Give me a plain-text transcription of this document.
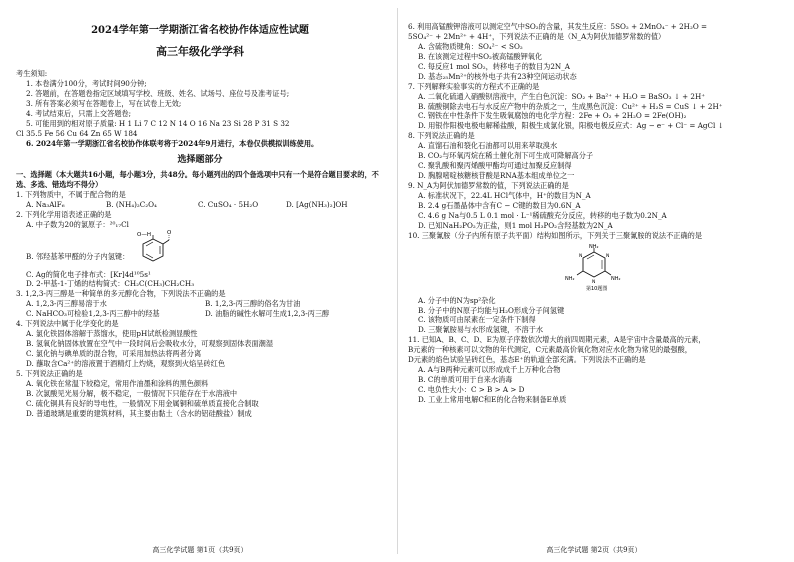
2024学年第一学期浙江省名校协作体适应性试题
高三年级化学学科
考生须知:
1. 本卷满分100分，考试时间90分钟;
2. 答题前，在答题卷指定区域填写学校、班级、姓名、试场号、座位号及准考证号;
3. 所有答案必须写在答题卷上，写在试卷上无效;
4. 考试结束后，只需上交答题卷;
5. 可能用到的相对原子质量: H 1 Li 7 C 12 N 14 O 16 Na 23 Si 28 P 31 S 32
Cl 35.5 Fe 56 Cu 64 Zn 65 W 184
6. 2024年第一学期浙江省名校协作体联考将于2024年9月进行，本卷仅供模拟训练使用。
选择题部分
一、选择题（本大题共16小题，每小题3分，共48分。每小题列出的四个备选项中只有一个是符合题目要求的，不选、多选、错选均不得分）
1. 下列物质中，不属于配合物的是
A. Na₃AlF₆	B. (NH₄)₂C₂O₄	C. CuSO₄ · 5H₂O	D. [Ag(NH₃)₂]OH
2. 下列化学用语表述正确的是
A. 中子数为20的氯原子：²⁰₁₇Cl
B. 邻羟基苯甲醛的分子内氢键：
O—H	O
C. Ag的简化电子排布式：[Kr]4d¹⁰5s¹
D. 2-甲基-1-丁烯的结构简式：CH₂C(CH₃)CH₂CH₃
3. 1,2,3-丙三醇是一种简单的多元醇化合物，下列说法不正确的是
A. 1,2,3-丙三醇易溶于水	B. 1,2,3-丙三醇的俗名为甘油
C. NaHCO₃可检验1,2,3-丙三醇中的羟基	D. 油脂的碱性水解可生成1,2,3-丙三醇
4. 下列说法中属于化学变化的是
A. 氯化铁固体溶解于蒸馏水，使用pH试纸检测显酸性
B. 氢氧化钠固体放置在空气中一段时间后会吸收水分，可观察到固体表面潮湿
C. 氯化钠与碘单质的混合物，可采用加热法将两者分离
D. 蘸取含Ca²⁺的溶液置于酒精灯上灼烧，观察到火焰呈砖红色
5. 下列说法正确的是
A. 氧化铁在常温下较稳定，常用作油墨和涂料的黑色颜料
B. 次氯酸见光易分解，极不稳定，一般情况下只能存在于水溶液中
C. 硫化铜具有良好的导电性，一般情况下用金属铜和硫单质直接化合制取
D. 普通玻璃是重要的建筑材料，其主要由黏土（含水的铝硅酸盐）制成
高三化学试题 第1页（共9页）
6. 利用高锰酸钾溶液可以测定空气中SO₂的含量，其发生反应：5SO₂ + 2MnO₄⁻ + 2H₂O =
5SO₄²⁻ + 2Mn²⁺ + 4H⁺，下列说法不正确的是（N_A为阿伏加德罗常数的值）
A. 含硫物质键角：SO₄²⁻ < SO₂
B. 在该测定过程中SO₂被高锰酸钾氧化
C. 每反应1 mol SO₂，转移电子的数目为2N_A
D. 基态₂₅Mn²⁺的核外电子共有23种空间运动状态
7. 下列解释实验事实的方程式不正确的是
A. 二氧化硫通入硝酸钡溶液中，产生白色沉淀：SO₂ + Ba²⁺ + H₂O = BaSO₃ ↓ + 2H⁺
B. 硫酸铜除去电石与水反应产物中的杂质之一，生成黑色沉淀：Cu²⁺ + H₂S = CuS ↓ + 2H⁺
C. 钢铁在中性条件下发生吸氧腐蚀的电化学方程：2Fe + O₂ + 2H₂O = 2Fe(OH)₂
D. 用银作阳极电极电解稀盐酸，阳极生成氯化银，阳极电极反应式：Ag − e⁻ + Cl⁻ = AgCl ↓
8. 下列说法正确的是
A. 直馏石油和裂化石油都可以用来萃取溴水
B. CO₂与环氧丙烷在稀土催化剂下可生成可降解高分子
C. 聚乳酸和聚丙烯酸甲酯均可通过加聚反应制得
D. 胸腺嘧啶核糖核苷酸是RNA基本组成单位之一
9. N_A为阿伏加德罗常数的值，下列说法正确的是
A. 标准状况下，22.4L HCl气体中，H⁺的数目为N_A
B. 2.4 g石墨晶体中含有C − C键的数目为0.6N_A
C. 4.6 g Na与0.5 L 0.1 mol · L⁻¹稀硫酸充分反应，转移的电子数为0.2N_A
D. 已知NaH₂PO₂为正盐，则1 mol H₃PO₂含羟基数为2N_A
10. 三聚氰胺（分子内所有原子共平面）结构如图所示，下列关于三聚氰胺的说法不正确的是
NH₂
NH₂
NH₂
N
N
N
第10题图
A. 分子中的N为sp²杂化
B. 分子中的N原子均能与H₂O形成分子间氢键
C. 该物质可由尿素在一定条件下制得
D. 三聚氰胺易与水形成氢键，不溶于水
11. 已知A、B、C、D、E为原子序数依次增大的前四周期元素，A是宇宙中含量最高的元素，
B元素的一种核素可以文物的年代测定，C元素最高价氧化物对应水化物为常见的最强酸，
D元素的焰色试验呈砖红色，基态E⁺的轨道全部充满。下列说法不正确的是
A. A与B两种元素可以形成成千上万种化合物
B. C的单质可用于自来水消毒
C. 电负性大小：C > B > A > D
D. 工业上常用电解C和E的化合物来制备E单质
高三化学试题 第2页（共9页）
